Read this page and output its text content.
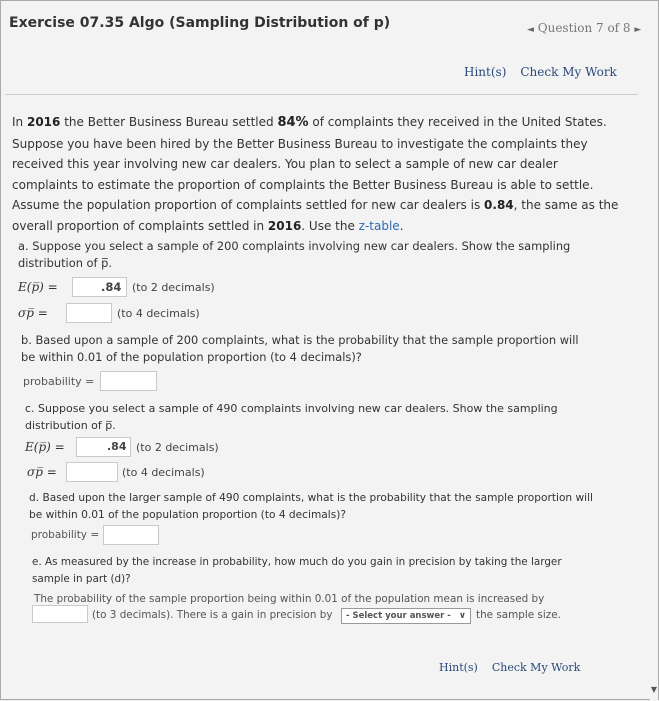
Exercise 07.35 Algo (Sampling Distribution of p)	◄ Question 7 of 8 ►
Hint(s) Check My Work
In 2016 the Better Business Bureau settled 84% of complaints they received in the United States. Suppose you have been hired by the Better Business Bureau to investigate the complaints they received this year involving new car dealers. You plan to select a sample of new car dealer complaints to estimate the proportion of complaints the Better Business Bureau is able to settle. Assume the population proportion of complaints settled for new car dealers is 0.84, the same as the overall proportion of complaints settled in 2016. Use the z-table.
a. Suppose you select a sample of 200 complaints involving new car dealers. Show the sampling distribution of p̅.
E(p̅) =	.84 (to 2 decimals)
σp̅ =	(to 4 decimals)
b. Based upon a sample of 200 complaints, what is the probability that the sample proportion will be within 0.01 of the population proportion (to 4 decimals)?
probability =
c. Suppose you select a sample of 490 complaints involving new car dealers. Show the sampling distribution of p̅.
E(p̅) =	.84 (to 2 decimals)
σp̅ =	(to 4 decimals)
d. Based upon the larger sample of 490 complaints, what is the probability that the sample proportion will be within 0.01 of the population proportion (to 4 decimals)?
probability =
e. As measured by the increase in probability, how much do you gain in precision by taking the larger sample in part (d)?
The probability of the sample proportion being within 0.01 of the population mean is increased by
(to 3 decimals). There is a gain in precision by	- Select your answer - ∨ the sample size.
Hint(s) Check My Work
▼
